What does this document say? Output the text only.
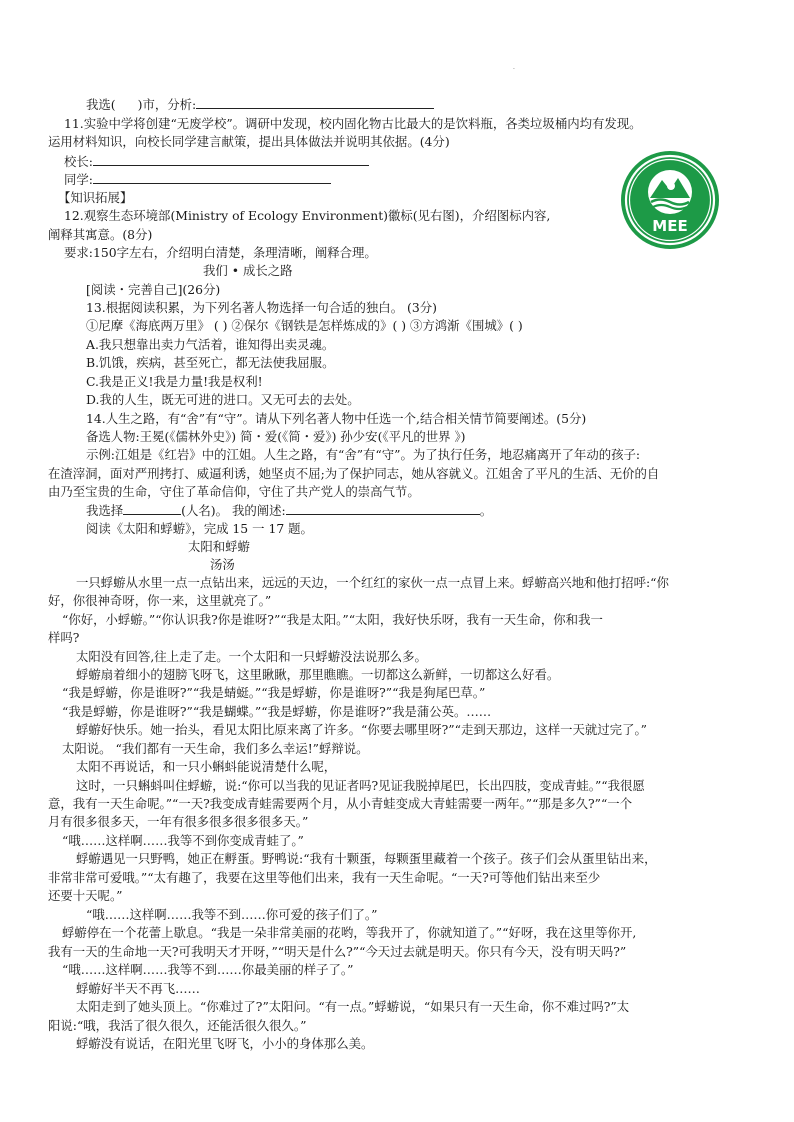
.
我选( )市，分析:
11.实验中学将创建“无废学校”。调研中发现，校内固化物古比最大的是饮料瓶，各类垃圾桶内均有发现。
运用材料知识，向校长同学建言献策，提出具体做法并说明其依据。(4分)
校长:
同学:
【知识拓展】
12.观察生态环境部(Ministry of Ecology Environment)徽标(见右图)，介绍图标内容,
阐释其寓意。(8分)
要求:150字左右，介绍明白清楚，条理清晰，阐释合理。
MEE
我们 • 成长之路
[阅读・完善自己](26分)
13.根据阅读积累，为下列名著人物选择一句合适的独白。 (3分)
①尼摩《海底两万里》 ( ) ②保尔《钢铁是怎样炼成的》( ) ③方鸿渐《围城》( )
A.我只想靠出卖力气活着，谁知得出卖灵魂。
B.饥饿，疾病，甚至死亡，都无法使我屈服。
C.我是正义!我是力量!我是权利!
D.我的人生，既无可进的进口。又无可去的去处。
14.人生之路，有“舍”有“守”。请从下列名著人物中任选一个,结合相关情节简要阐述。(5分)
备选人物:王冕(《儒林外史》) 简・爱(《简・爱》) 孙少安(《平凡的世界 》)
示例:江姐是《红岩》中的江姐。人生之路，有“舍”有“守”。为了执行任务，地忍痛离开了年动的孩子:
在渣滓洞，面对严刑拷打、威逼利诱，她坚贞不屈;为了保护同志，她从容就义。江姐舍了平凡的生活、无价的自
由乃至宝贵的生命，守住了革命信仰，守住了共产党人的崇高气节。
我选择	(人名)。 我的阐述:	。
阅读《太阳和蜉蝣》，完成 15 一 17 题。
太阳和蜉蝣
汤汤
一只蜉蝣从水里一点一点钻出来，远远的天边，一个红红的家伙一点一点冒上来。蜉蝣高兴地和他打招呼:“你
好，你很神奇呀，你一来，这里就亮了。”
“你好，小蜉蝣。”“你认识我?你是谁呀?”“我是太阳。”“太阳，我好快乐呀，我有一天生命，你和我一
样吗?
太阳没有回答,往上走了走。一个太阳和一只蜉蝣没法说那么多。
蜉蝣扇着细小的翅膀飞呀飞，这里瞅瞅，那里瞧瞧。一切都这么新鲜，一切都这么好看。
“我是蜉蝣，你是谁呀?”“我是蜻蜓。”“我是蜉蝣，你是谁呀?”“我是狗尾巴草。”
“我是蜉蝣，你是谁呀?”“我是蝴蝶。”“我是蜉蝣，你是谁呀?”我是蒲公英。……
蜉蝣好快乐。她一抬头，看见太阳比原来离了许多。“你要去哪里呀?”“走到天那边，这样一天就过完了。”
太阳说。 “我们都有一天生命，我们多么幸运!”蜉辩说。
太阳不再说话，和一只小蝌蚪能说清楚什么呢，
这时，一只蝌蚪叫住蜉蝣，说:“你可以当我的见证者吗?见证我脱掉尾巴，长出四肢，变成青蛙。”“我很愿
意，我有一天生命呢。”“一天?我变成青蛙需要两个月，从小青蛙变成大青蛙需要一两年。”“那是多久?”“一个
月有很多很多天，一年有很多很多很多很多天。”
“哦……这样啊……我等不到你变成青蛙了。”
蜉蝣遇见一只野鸭，她正在孵蛋。野鸭说:“我有十颗蛋，每颗蛋里藏着一个孩子。孩子们会从蛋里钻出来，
非常非常可爱哦。”“太有趣了，我要在这里等他们出来，我有一天生命呢。“一天?可等他们钻出来至少
还要十天呢。”
“哦……这样啊……我等不到……你可爱的孩子们了。”
蜉蝣停在一个花蕾上歇息。“我是一朵非常美丽的花哟，等我开了，你就知道了。”“好呀，我在这里等你开,
我有一天的生命地一天?可我明天才开呀，”“明天是什么?”“今天过去就是明天。你只有今天，没有明天吗?”
“哦……这样啊……我等不到……你最美丽的样子了。”
蜉蝣好半天不再飞……
太阳走到了她头顶上。“你难过了?”太阳问。“有一点。”蜉蝣说，“如果只有一天生命，你不难过吗?”太
阳说:“哦，我活了很久很久，还能活很久很久。”
蜉蝣没有说话，在阳光里飞呀飞，小小的身体那么美。
